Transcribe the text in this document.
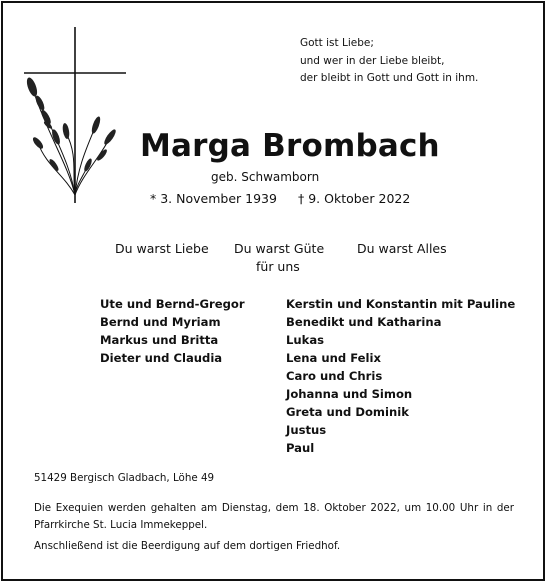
Gott ist Liebe;
und wer in der Liebe bleibt,
der bleibt in Gott und Gott in ihm.
Marga Brombach
geb. Schwamborn
* 3. November 1939 † 9. Oktober 2022
Du warst Liebe Du warst Güte	Du warst Alles
für uns
Ute und Bernd-Gregor
Bernd und Myriam
Markus und Britta
Dieter und Claudia
Kerstin und Konstantin mit Pauline
Benedikt und Katharina
Lukas
Lena und Felix
Caro und Chris
Johanna und Simon
Greta und Dominik
Justus
Paul
51429 Bergisch Gladbach, Löhe 49
Die Exequien werden gehalten am Dienstag, dem 18. Oktober 2022, um 10.00 Uhr in der Pfarrkirche St. Lucia Immekeppel.
Anschließend ist die Beerdigung auf dem dortigen Friedhof.
